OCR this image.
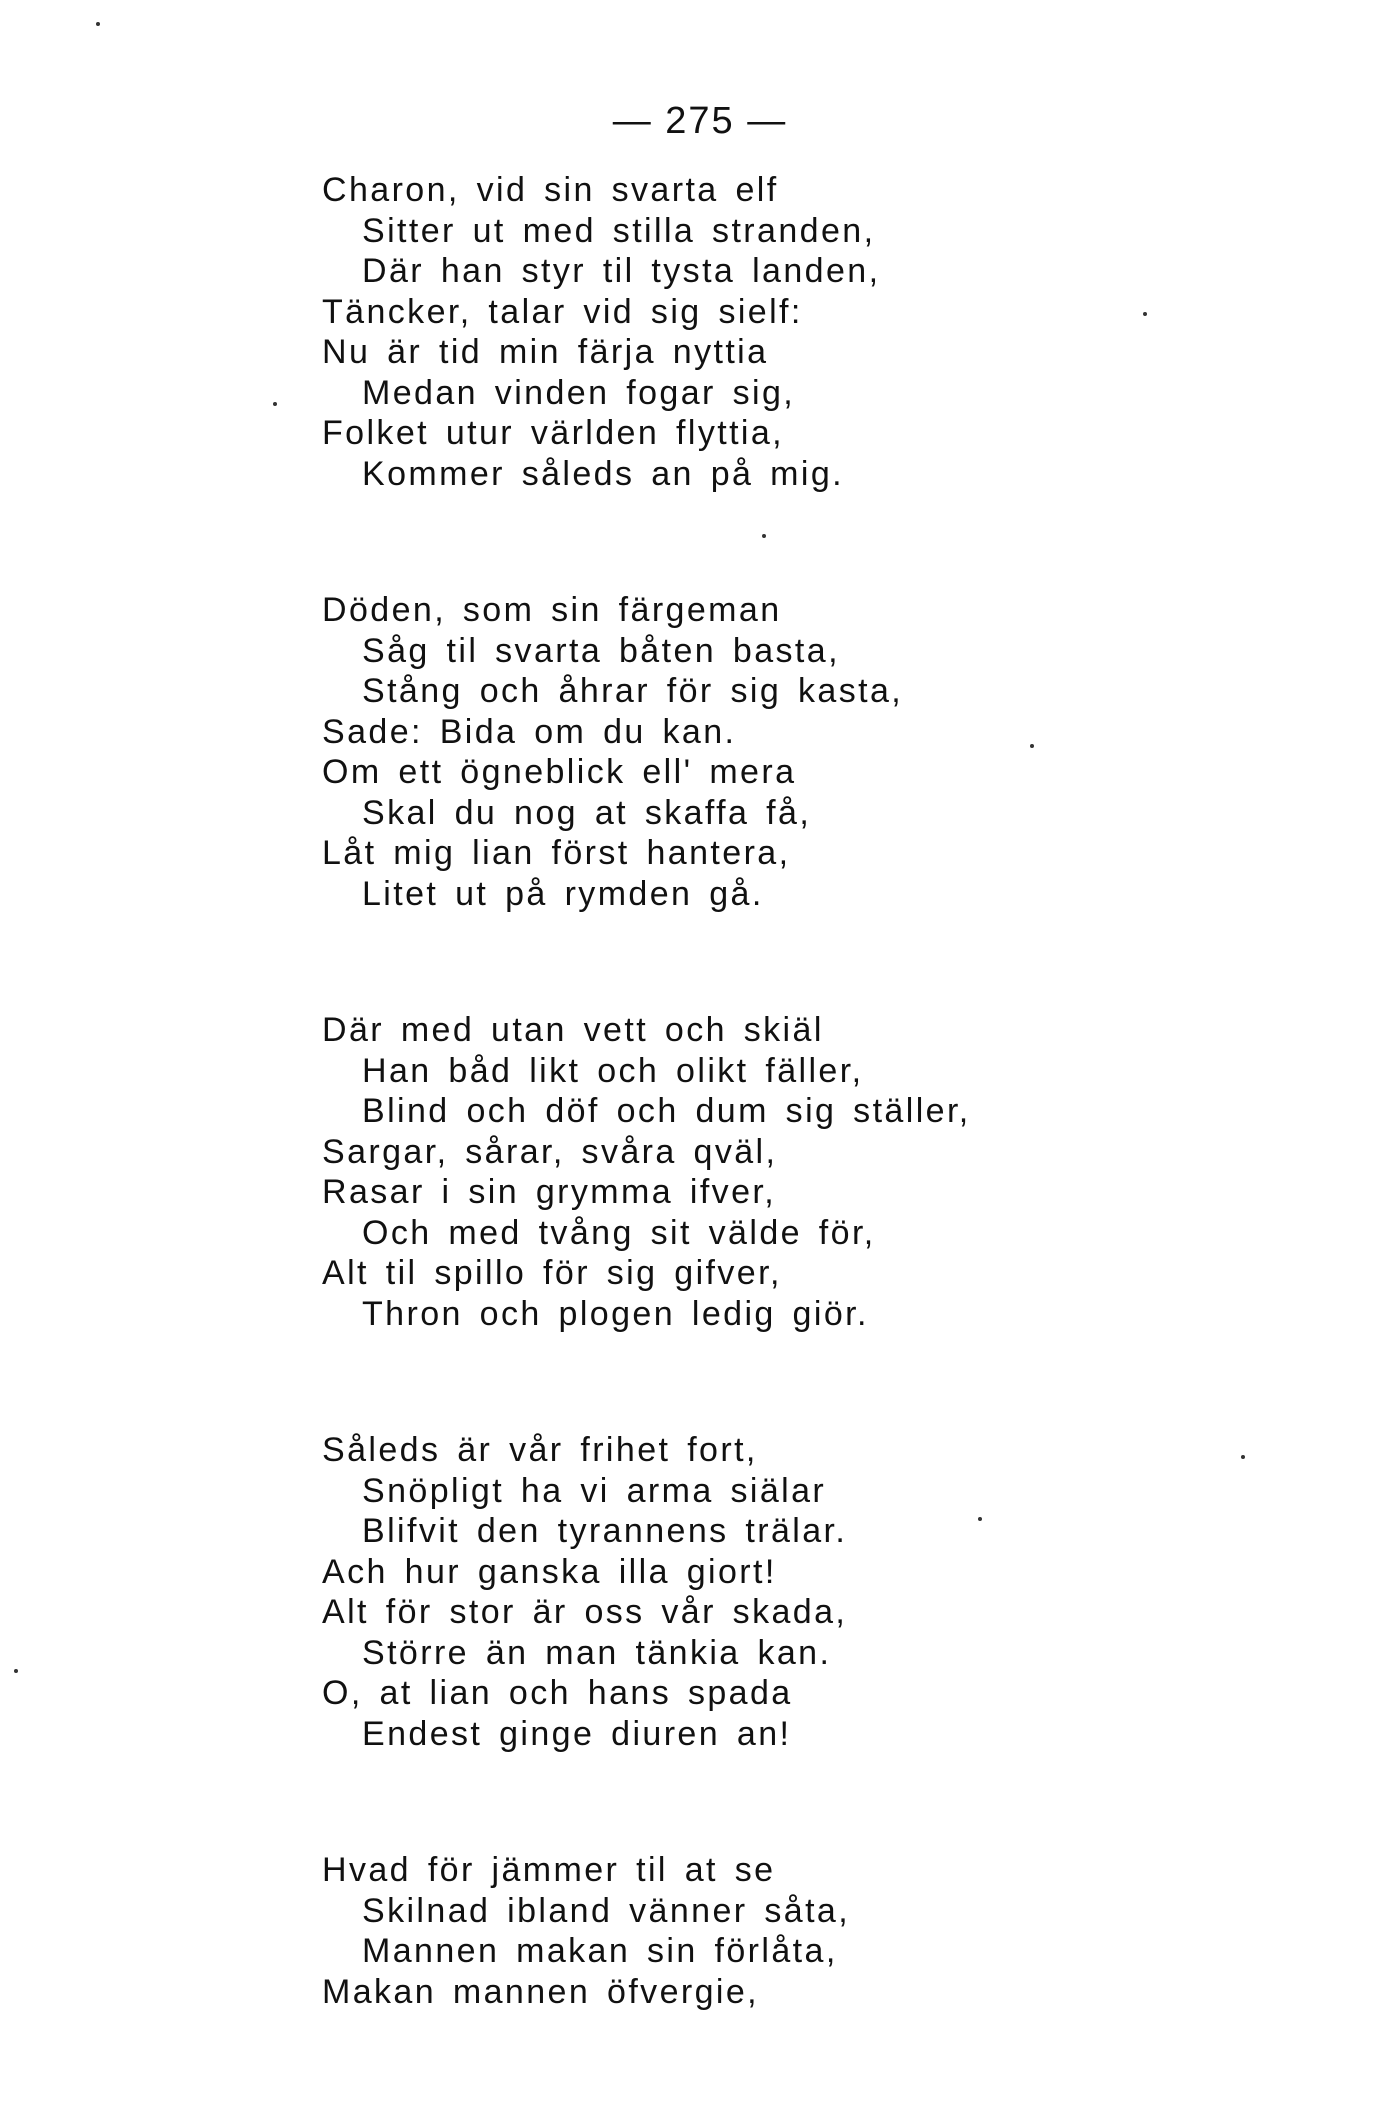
— 275 —
Charon, vid sin svarta elf
Sitter ut med stilla stranden,
Där han styr til tysta landen,
Täncker, talar vid sig sielf:
Nu är tid min färja nyttia
Medan vinden fogar sig,
Folket utur världen flyttia,
Kommer såleds an på mig.
Döden, som sin färgeman
Såg til svarta båten basta,
Stång och åhrar för sig kasta,
Sade: Bida om du kan.
Om ett ögneblick ell' mera
Skal du nog at skaffa få,
Låt mig lian först hantera,
Litet ut på rymden gå.
Där med utan vett och skiäl
Han båd likt och olikt fäller,
Blind och döf och dum sig ställer,
Sargar, sårar, svåra qväl,
Rasar i sin grymma ifver,
Och med tvång sit välde för,
Alt til spillo för sig gifver,
Thron och plogen ledig giör.
Såleds är vår frihet fort,
Snöpligt ha vi arma siälar
Blifvit den tyrannens trälar.
Ach hur ganska illa giort!
Alt för stor är oss vår skada,
Större än man tänkia kan.
O, at lian och hans spada
Endest ginge diuren an!
Hvad för jämmer til at se
Skilnad ibland vänner såta,
Mannen makan sin förlåta,
Makan mannen öfvergie,
